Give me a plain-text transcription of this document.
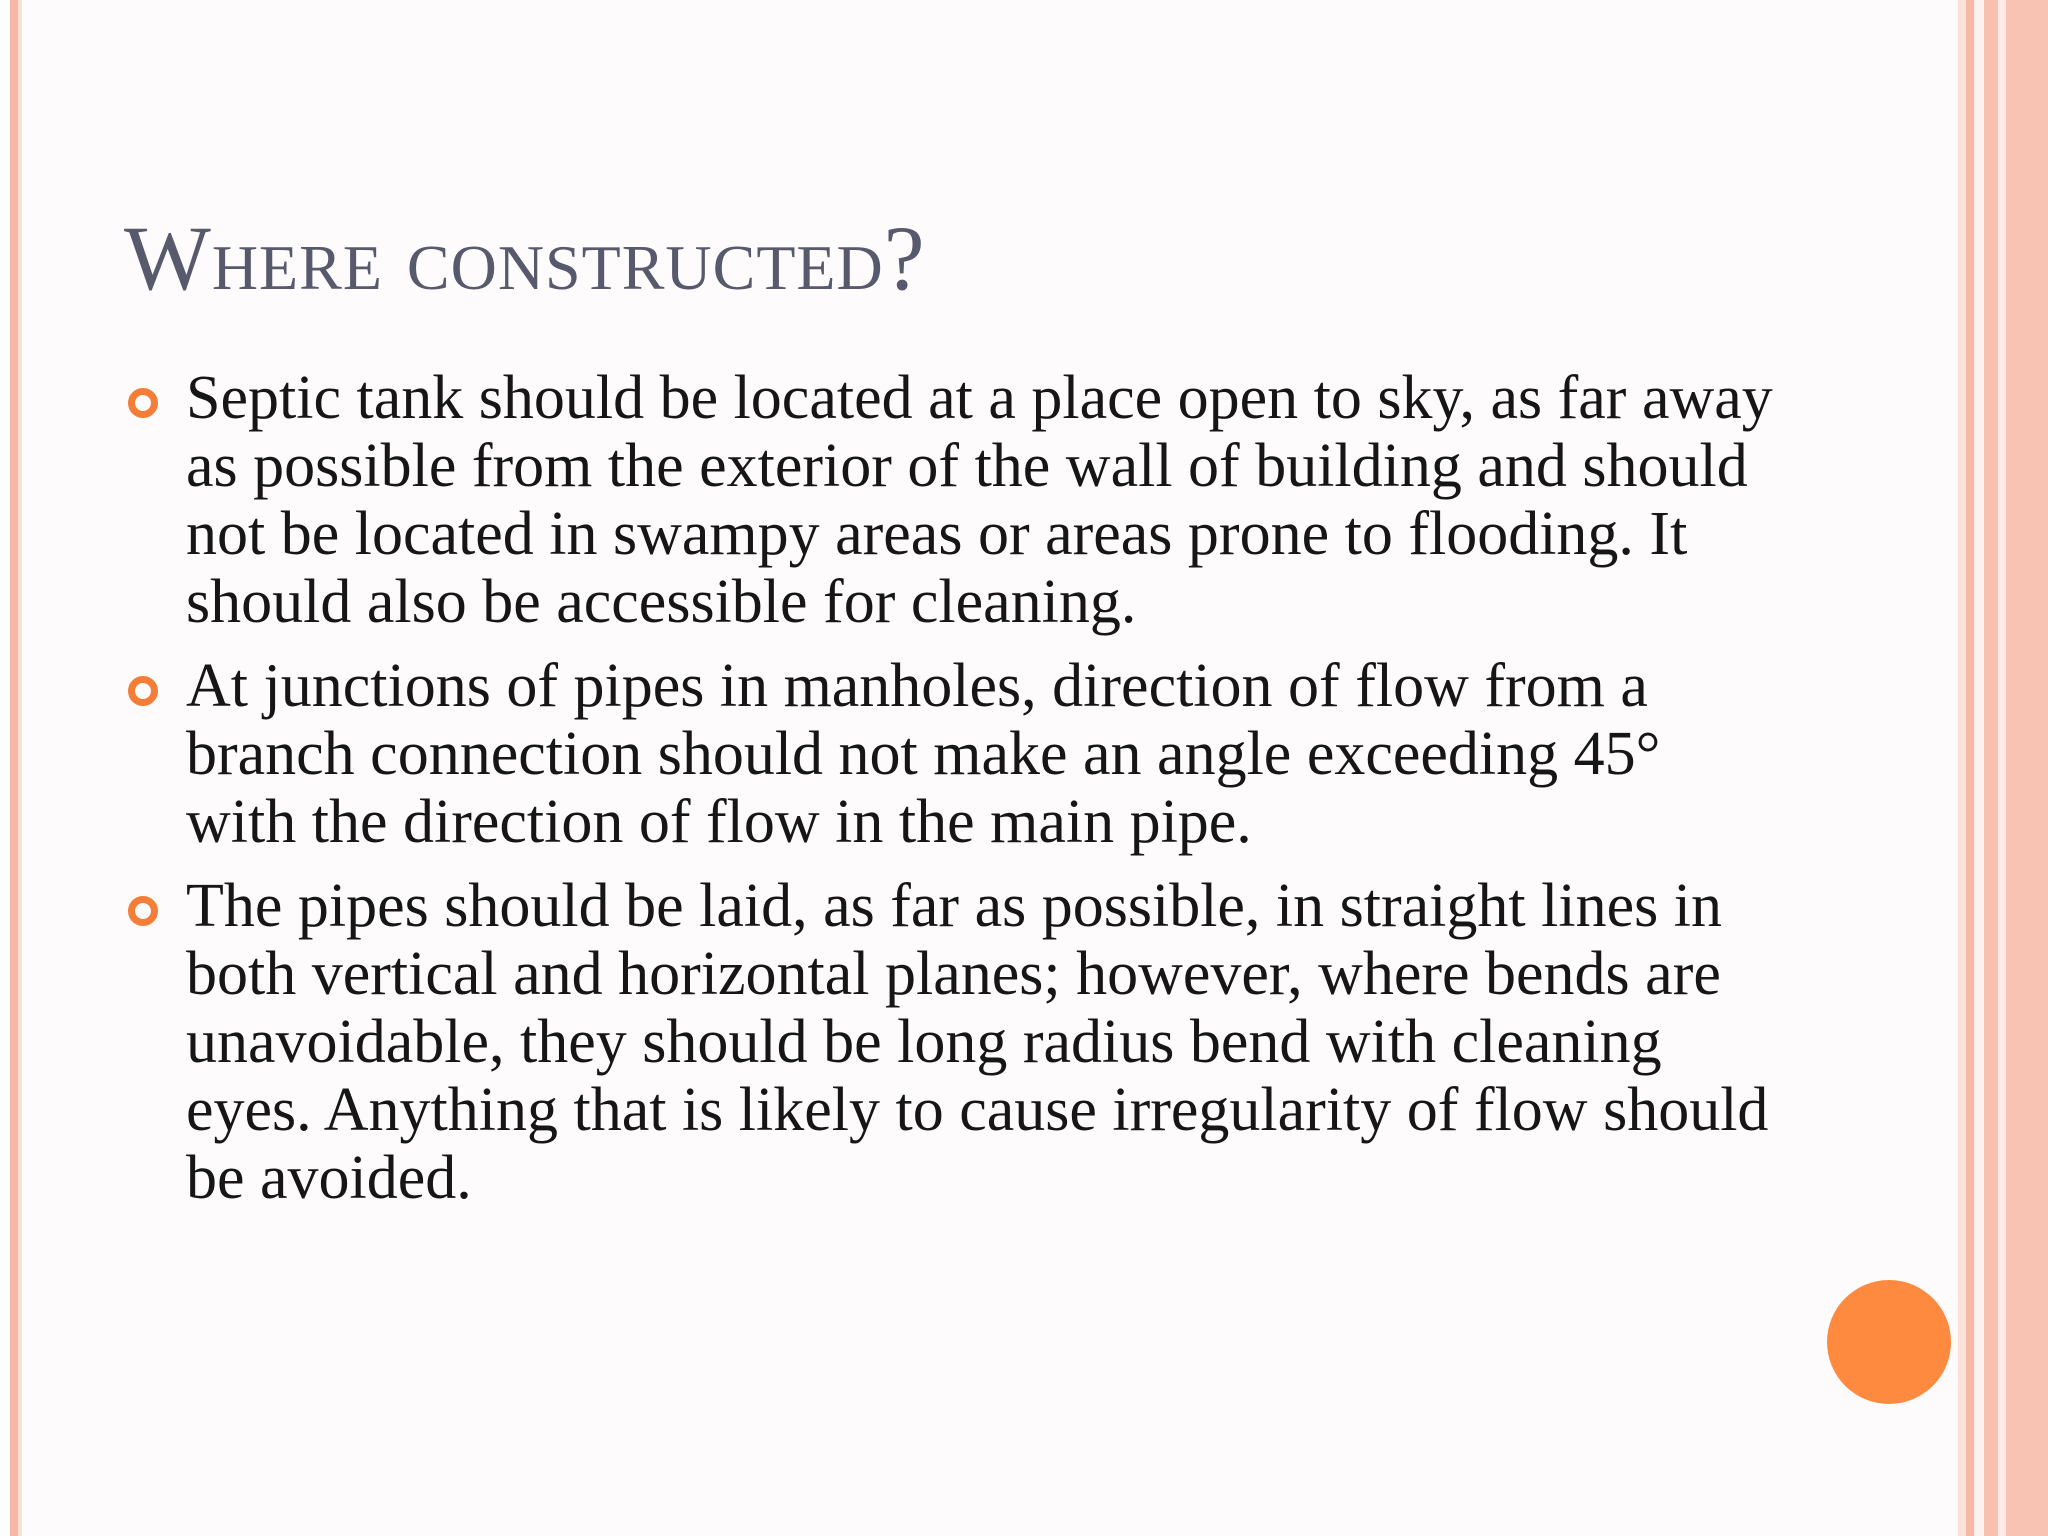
Where constructed?
Septic tank should be located at a place open to sky, as far away as possible from the exterior of the wall of building and should not be located in swampy areas or areas prone to flooding. It should also be accessible for cleaning.
At junctions of pipes in manholes, direction of flow from a branch connection should not make an angle exceeding 45° with the direction of flow in the main pipe.
The pipes should be laid, as far as possible, in straight lines in both vertical and horizontal planes; however, where bends are unavoidable, they should be long radius bend with cleaning eyes. Anything that is likely to cause irregularity of flow should be avoided.
